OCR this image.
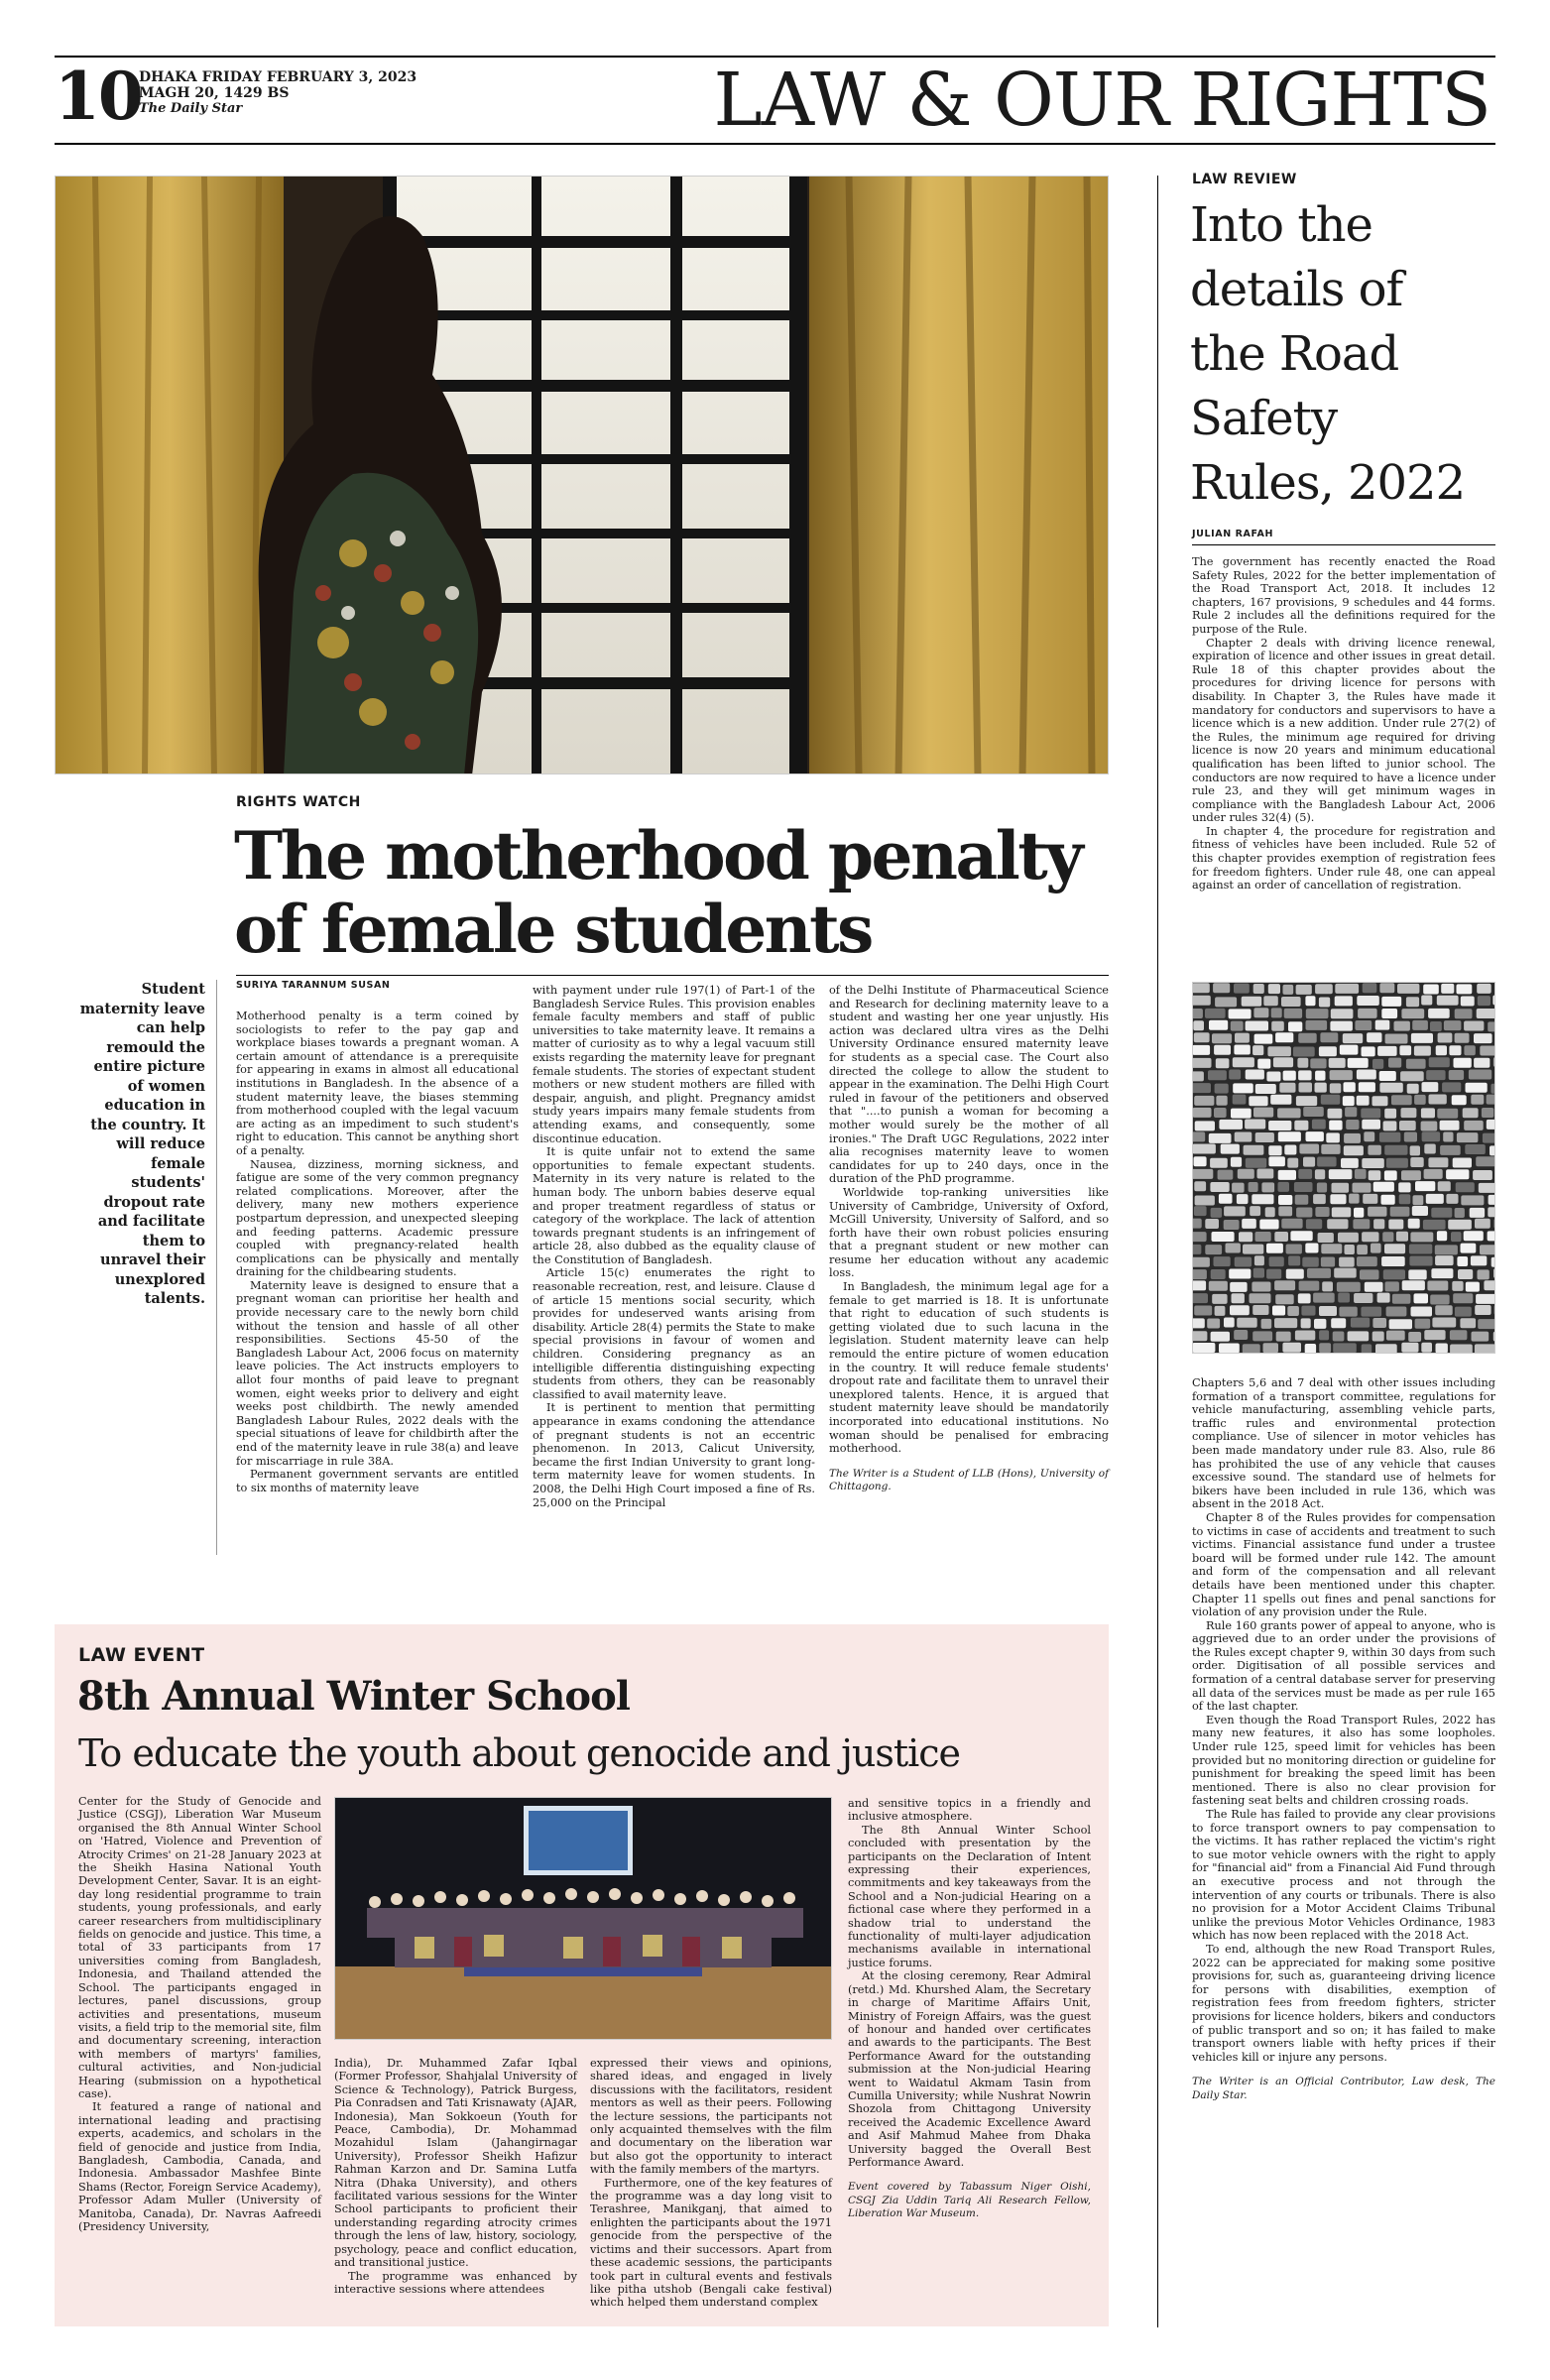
10
DHAKA FRIDAY FEBRUARY 3, 2023
MAGH 20, 1429 BS
The Daily Star	LAW & OUR RIGHTS
RIGHTS WATCH
The motherhood penalty
of female students
SURIYA TARANNUM SUSAN
Student maternity leave can help remould the entire picture of women education in the country. It will reduce female students' dropout rate and facilitate them to unravel their unexplored talents.

Motherhood penalty is a term coined by sociologists to refer to the pay gap and workplace biases towards a pregnant woman. A certain amount of attendance is a prerequisite for appearing in exams in almost all educational institutions in Bangladesh. In the absence of a student maternity leave, the biases stemming from motherhood coupled with the legal vacuum are acting as an impediment to such student's right to education. This cannot be anything short of a penalty.

Nausea, dizziness, morning sickness, and fatigue are some of the very common pregnancy related complications. Moreover, after the delivery, many new mothers experience postpartum depression, and unexpected sleeping and feeding patterns. Academic pressure coupled with pregnancy-related health complications can be physically and mentally draining for the childbearing students.

Maternity leave is designed to ensure that a pregnant woman can prioritise her health and provide necessary care to the newly born child without the tension and hassle of all other responsibilities. Sections 45-50 of the Bangladesh Labour Act, 2006 focus on maternity leave policies. The Act instructs employers to allot four months of paid leave to pregnant women, eight weeks prior to delivery and eight weeks post childbirth. The newly amended Bangladesh Labour Rules, 2022 deals with the special situations of leave for childbirth after the end of the maternity leave in rule 38(a) and leave for miscarriage in rule 38A.

Permanent government servants are entitled to six months of maternity leave

with payment under rule 197(1) of Part-1 of the Bangladesh Service Rules. This provision enables female faculty members and staff of public universities to take maternity leave. It remains a matter of curiosity as to why a legal vacuum still exists regarding the maternity leave for pregnant female students. The stories of expectant student mothers or new student mothers are filled with despair, anguish, and plight. Pregnancy amidst study years impairs many female students from attending exams, and consequently, some discontinue education.

It is quite unfair not to extend the same opportunities to female expectant students. Maternity in its very nature is related to the human body. The unborn babies deserve equal and proper treatment regardless of status or category of the workplace. The lack of attention towards pregnant students is an infringement of article 28, also dubbed as the equality clause of the Constitution of Bangladesh.

Article 15(c) enumerates the right to reasonable recreation, rest, and leisure. Clause d of article 15 mentions social security, which provides for undeserved wants arising from disability. Article 28(4) permits the State to make special provisions in favour of women and children. Considering pregnancy as an intelligible differentia distinguishing expecting students from others, they can be reasonably classified to avail maternity leave.

It is pertinent to mention that permitting appearance in exams condoning the attendance of pregnant students is not an eccentric phenomenon. In 2013, Calicut University, became the first Indian University to grant long-term maternity leave for women students. In 2008, the Delhi High Court imposed a fine of Rs. 25,000 on the Principal

of the Delhi Institute of Pharmaceutical Science and Research for declining maternity leave to a student and wasting her one year unjustly. His action was declared ultra vires as the Delhi University Ordinance ensured maternity leave for students as a special case. The Court also directed the college to allow the student to appear in the examination. The Delhi High Court ruled in favour of the petitioners and observed that "....to punish a woman for becoming a mother would surely be the mother of all ironies." The Draft UGC Regulations, 2022 inter alia recognises maternity leave to women candidates for up to 240 days, once in the duration of the PhD programme.

Worldwide top-ranking universities like University of Cambridge, University of Oxford, McGill University, University of Salford, and so forth have their own robust policies ensuring that a pregnant student or new mother can resume her education without any academic loss.

In Bangladesh, the minimum legal age for a female to get married is 18. It is unfortunate that right to education of such students is getting violated due to such lacuna in the legislation. Student maternity leave can help remould the entire picture of women education in the country. It will reduce female students' dropout rate and facilitate them to unravel their unexplored talents. Hence, it is argued that student maternity leave should be mandatorily incorporated into educational institutions. No woman should be penalised for embracing motherhood.

The Writer is a Student of LLB (Hons), University of Chittagong.

LAW EVENT
8th Annual Winter School
To educate the youth about genocide and justice

Center for the Study of Genocide and Justice (CSGJ), Liberation War Museum organised the 8th Annual Winter School on 'Hatred, Violence and Prevention of Atrocity Crimes' on 21-28 January 2023 at the Sheikh Hasina National Youth Development Center, Savar. It is an eight-day long residential programme to train students, young professionals, and early career researchers from multidisciplinary fields on genocide and justice. This time, a total of 33 participants from 17 universities coming from Bangladesh, Indonesia, and Thailand attended the School. The participants engaged in lectures, panel discussions, group activities and presentations, museum visits, a field trip to the memorial site, film and documentary screening, interaction with members of martyrs' families, cultural activities, and Non-judicial Hearing (submission on a hypothetical case).

It featured a range of national and international leading and practising experts, academics, and scholars in the field of genocide and justice from India, Bangladesh, Cambodia, Canada, and Indonesia. Ambassador Mashfee Binte Shams (Rector, Foreign Service Academy), Professor Adam Muller (University of Manitoba, Canada), Dr. Navras Aafreedi (Presidency University,

India), Dr. Muhammed Zafar Iqbal (Former Professor, Shahjalal University of Science & Technology), Patrick Burgess, Pia Conradsen and Tati Krisnawaty (AJAR, Indonesia), Man Sokkoeun (Youth for Peace, Cambodia), Dr. Mohammad Mozahidul Islam (Jahangirnagar University), Professor Sheikh Hafizur Rahman Karzon and Dr. Samina Lutfa Nitra (Dhaka University), and others facilitated various sessions for the Winter School participants to proficient their understanding regarding atrocity crimes through the lens of law, history, sociology, psychology, peace and conflict education, and transitional justice.

The programme was enhanced by interactive sessions where attendees

expressed their views and opinions, shared ideas, and engaged in lively discussions with the facilitators, resident mentors as well as their peers. Following the lecture sessions, the participants not only acquainted themselves with the film and documentary on the liberation war but also got the opportunity to interact with the family members of the martyrs.

Furthermore, one of the key features of the programme was a day long visit to Terashree, Manikganj, that aimed to enlighten the participants about the 1971 genocide from the perspective of the victims and their successors. Apart from these academic sessions, the participants took part in cultural events and festivals like pitha utshob (Bengali cake festival) which helped them understand complex

and sensitive topics in a friendly and inclusive atmosphere.

The 8th Annual Winter School concluded with presentation by the participants on the Declaration of Intent expressing their experiences, commitments and key takeaways from the School and a Non-judicial Hearing on a fictional case where they performed in a shadow trial to understand the functionality of multi-layer adjudication mechanisms available in international justice forums.

At the closing ceremony, Rear Admiral (retd.) Md. Khurshed Alam, the Secretary in charge of Maritime Affairs Unit, Ministry of Foreign Affairs, was the guest of honour and handed over certificates and awards to the participants. The Best Performance Award for the outstanding submission at the Non-judicial Hearing went to Waidatul Akmam Tasin from Cumilla University; while Nushrat Nowrin Shozola from Chittagong University received the Academic Excellence Award and Asif Mahmud Mahee from Dhaka University bagged the Overall Best Performance Award.

Event covered by Tabassum Niger Oishi, CSGJ Zia Uddin Tariq Ali Research Fellow, Liberation War Museum.

LAW REVIEW
Into the
details of
the Road
Safety
Rules, 2022
JULIAN RAFAH

The government has recently enacted the Road Safety Rules, 2022 for the better implementation of the Road Transport Act, 2018. It includes 12 chapters, 167 provisions, 9 schedules and 44 forms. Rule 2 includes all the definitions required for the purpose of the Rule.

Chapter 2 deals with driving licence renewal, expiration of licence and other issues in great detail. Rule 18 of this chapter provides about the procedures for driving licence for persons with disability. In Chapter 3, the Rules have made it mandatory for conductors and supervisors to have a licence which is a new addition. Under rule 27(2) of the Rules, the minimum age required for driving licence is now 20 years and minimum educational qualification has been lifted to junior school. The conductors are now required to have a licence under rule 23, and they will get minimum wages in compliance with the Bangladesh Labour Act, 2006 under rules 32(4) (5).

In chapter 4, the procedure for registration and fitness of vehicles have been included. Rule 52 of this chapter provides exemption of registration fees for freedom fighters. Under rule 48, one can appeal against an order of cancellation of registration.

Chapters 5,6 and 7 deal with other issues including formation of a transport committee, regulations for vehicle manufacturing, assembling vehicle parts, traffic rules and environmental protection compliance. Use of silencer in motor vehicles has been made mandatory under rule 83. Also, rule 86 has prohibited the use of any vehicle that causes excessive sound. The standard use of helmets for bikers have been included in rule 136, which was absent in the 2018 Act.

Chapter 8 of the Rules provides for compensation to victims in case of accidents and treatment to such victims. Financial assistance fund under a trustee board will be formed under rule 142. The amount and form of the compensation and all relevant details have been mentioned under this chapter. Chapter 11 spells out fines and penal sanctions for violation of any provision under the Rule.

Rule 160 grants power of appeal to anyone, who is aggrieved due to an order under the provisions of the Rules except chapter 9, within 30 days from such order. Digitisation of all possible services and formation of a central database server for preserving all data of the services must be made as per rule 165 of the last chapter.

Even though the Road Transport Rules, 2022 has many new features, it also has some loopholes. Under rule 125, speed limit for vehicles has been provided but no monitoring direction or guideline for punishment for breaking the speed limit has been mentioned. There is also no clear provision for fastening seat belts and children crossing roads.

The Rule has failed to provide any clear provisions to force transport owners to pay compensation to the victims. It has rather replaced the victim's right to sue motor vehicle owners with the right to apply for "financial aid" from a Financial Aid Fund through an executive process and not through the intervention of any courts or tribunals. There is also no provision for a Motor Accident Claims Tribunal unlike the previous Motor Vehicles Ordinance, 1983 which has now been replaced with the 2018 Act.

To end, although the new Road Transport Rules, 2022 can be appreciated for making some positive provisions for, such as, guaranteeing driving licence for persons with disabilities, exemption of registration fees from freedom fighters, stricter provisions for licence holders, bikers and conductors of public transport and so on; it has failed to make transport owners liable with hefty prices if their vehicles kill or injure any persons.

The Writer is an Official Contributor, Law desk, The Daily Star.
